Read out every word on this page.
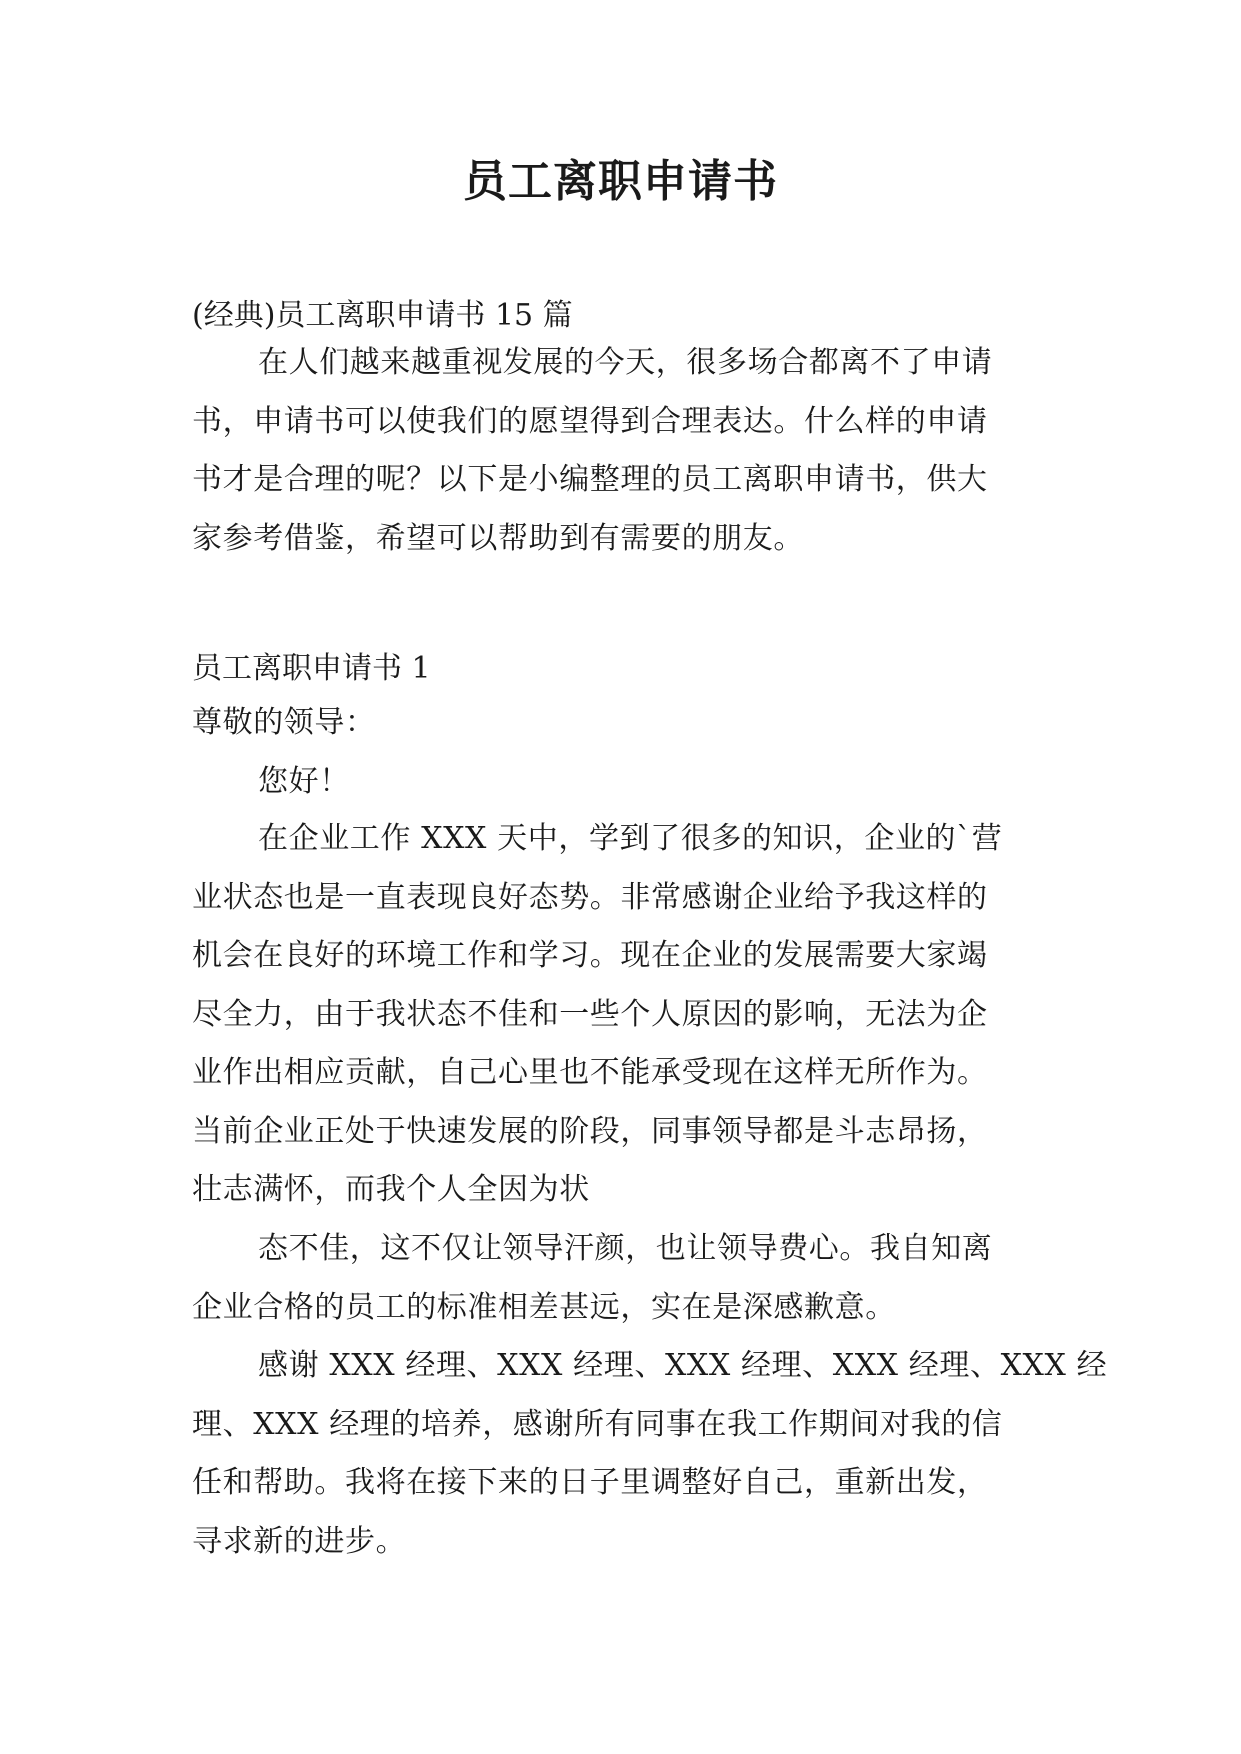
员工离职申请书
(经典)员工离职申请书 15 篇
在人们越来越重视发展的今天，很多场合都离不了申请
书，申请书可以使我们的愿望得到合理表达。什么样的申请
书才是合理的呢？以下是小编整理的员工离职申请书，供大
家参考借鉴，希望可以帮助到有需要的朋友。
员工离职申请书 1
尊敬的领导：
您好！
在企业工作 XXX 天中，学到了很多的知识，企业的`营
业状态也是一直表现良好态势。非常感谢企业给予我这样的
机会在良好的环境工作和学习。现在企业的发展需要大家竭
尽全力，由于我状态不佳和一些个人原因的影响，无法为企
业作出相应贡献，自己心里也不能承受现在这样无所作为。
当前企业正处于快速发展的阶段，同事领导都是斗志昂扬，
壮志满怀，而我个人全因为状
态不佳，这不仅让领导汗颜，也让领导费心。我自知离
企业合格的员工的标准相差甚远，实在是深感歉意。
感谢 XXX 经理、XXX 经理、XXX 经理、XXX 经理、XXX 经
理、XXX 经理的培养，感谢所有同事在我工作期间对我的信
任和帮助。我将在接下来的日子里调整好自己，重新出发，
寻求新的进步。
